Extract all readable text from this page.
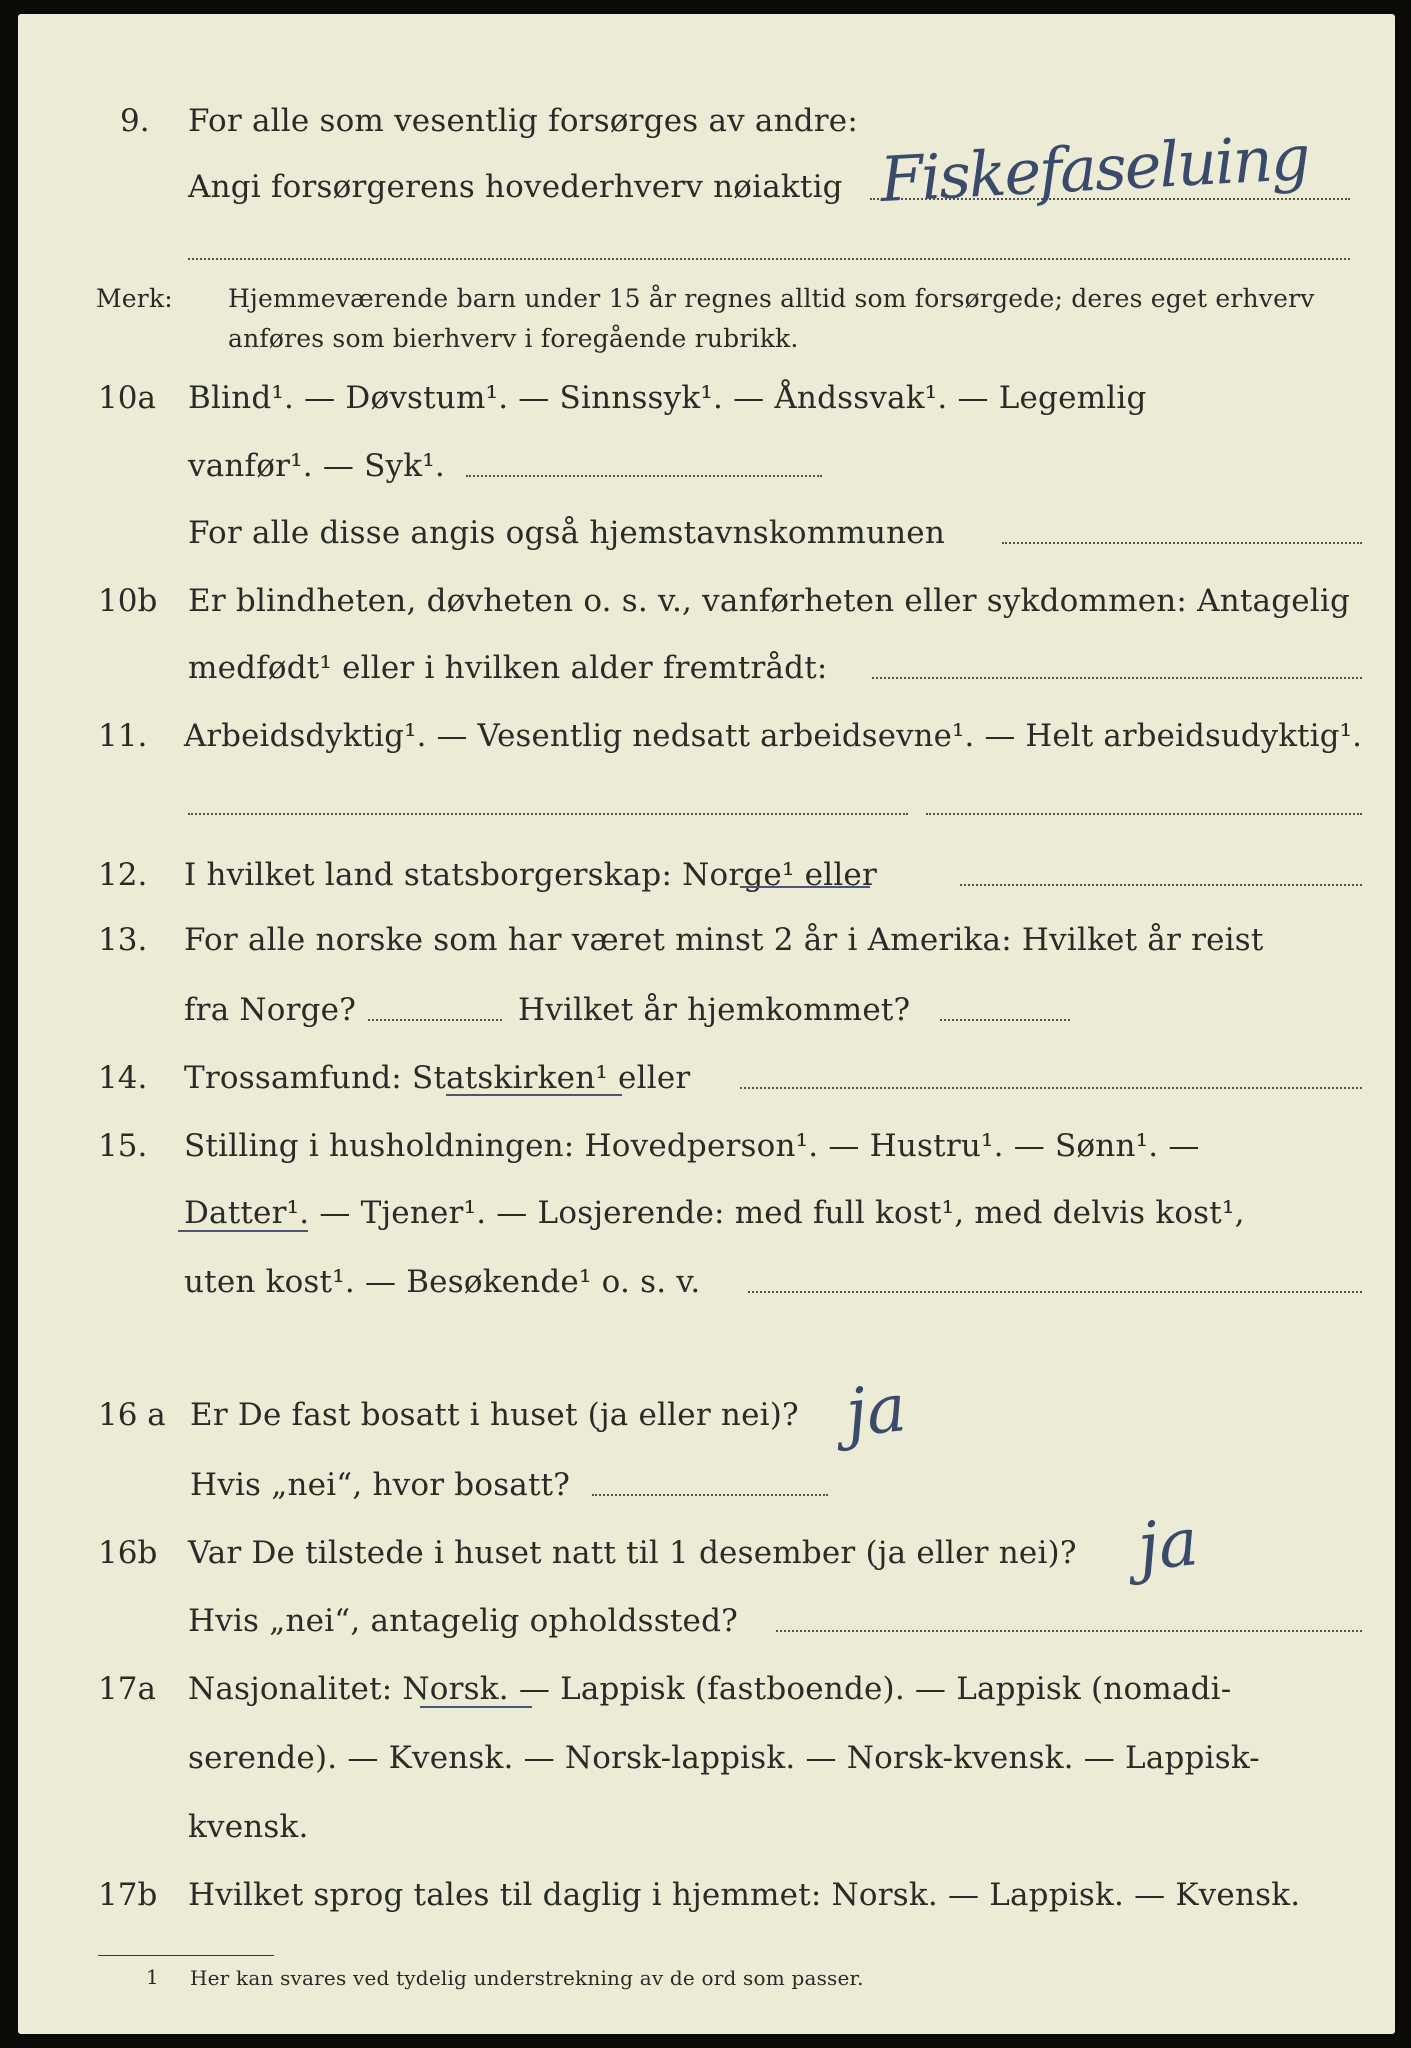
9. For alle som vesentlig forsørges av andre:
Angi forsørgerens hovederhverv nøiaktig Fiskefaseluing
Merk: Hjemmeværende barn under 15 år regnes alltid som forsørgede; deres eget erhverv
anføres som bierhverv i foregående rubrikk.
10a Blind¹. — Døvstum¹. — Sinnssyk¹. — Åndssvak¹. — Legemlig
vanfør¹. — Syk¹.
For alle disse angis også hjemstavnskommunen
10b Er blindheten, døvheten o. s. v., vanførheten eller sykdommen: Antagelig
medfødt¹ eller i hvilken alder fremtrådt:
11. Arbeidsdyktig¹. — Vesentlig nedsatt arbeidsevne¹. — Helt arbeidsudyktig¹.
12. I hvilket land statsborgerskap: Norge¹ eller
13. For alle norske som har været minst 2 år i Amerika: Hvilket år reist
fra Norge?	Hvilket år hjemkommet?
14. Trossamfund: Statskirken¹ eller
15. Stilling i husholdningen: Hovedperson¹. — Hustru¹. — Sønn¹. —
Datter¹. — Tjener¹. — Losjerende: med full kost¹, med delvis kost¹,
uten kost¹. — Besøkende¹ o. s. v.
16 a Er De fast bosatt i huset (ja eller nei)? ja
Hvis „nei“, hvor bosatt?
16b Var De tilstede i huset natt til 1 desember (ja eller nei)? ja
Hvis „nei“, antagelig opholdssted?
17a Nasjonalitet: Norsk. — Lappisk (fastboende). — Lappisk (nomadi-
serende). — Kvensk. — Norsk-lappisk. — Norsk-kvensk. — Lappisk-
kvensk.
17b Hvilket sprog tales til daglig i hjemmet: Norsk. — Lappisk. — Kvensk.
1 Her kan svares ved tydelig understrekning av de ord som passer.
